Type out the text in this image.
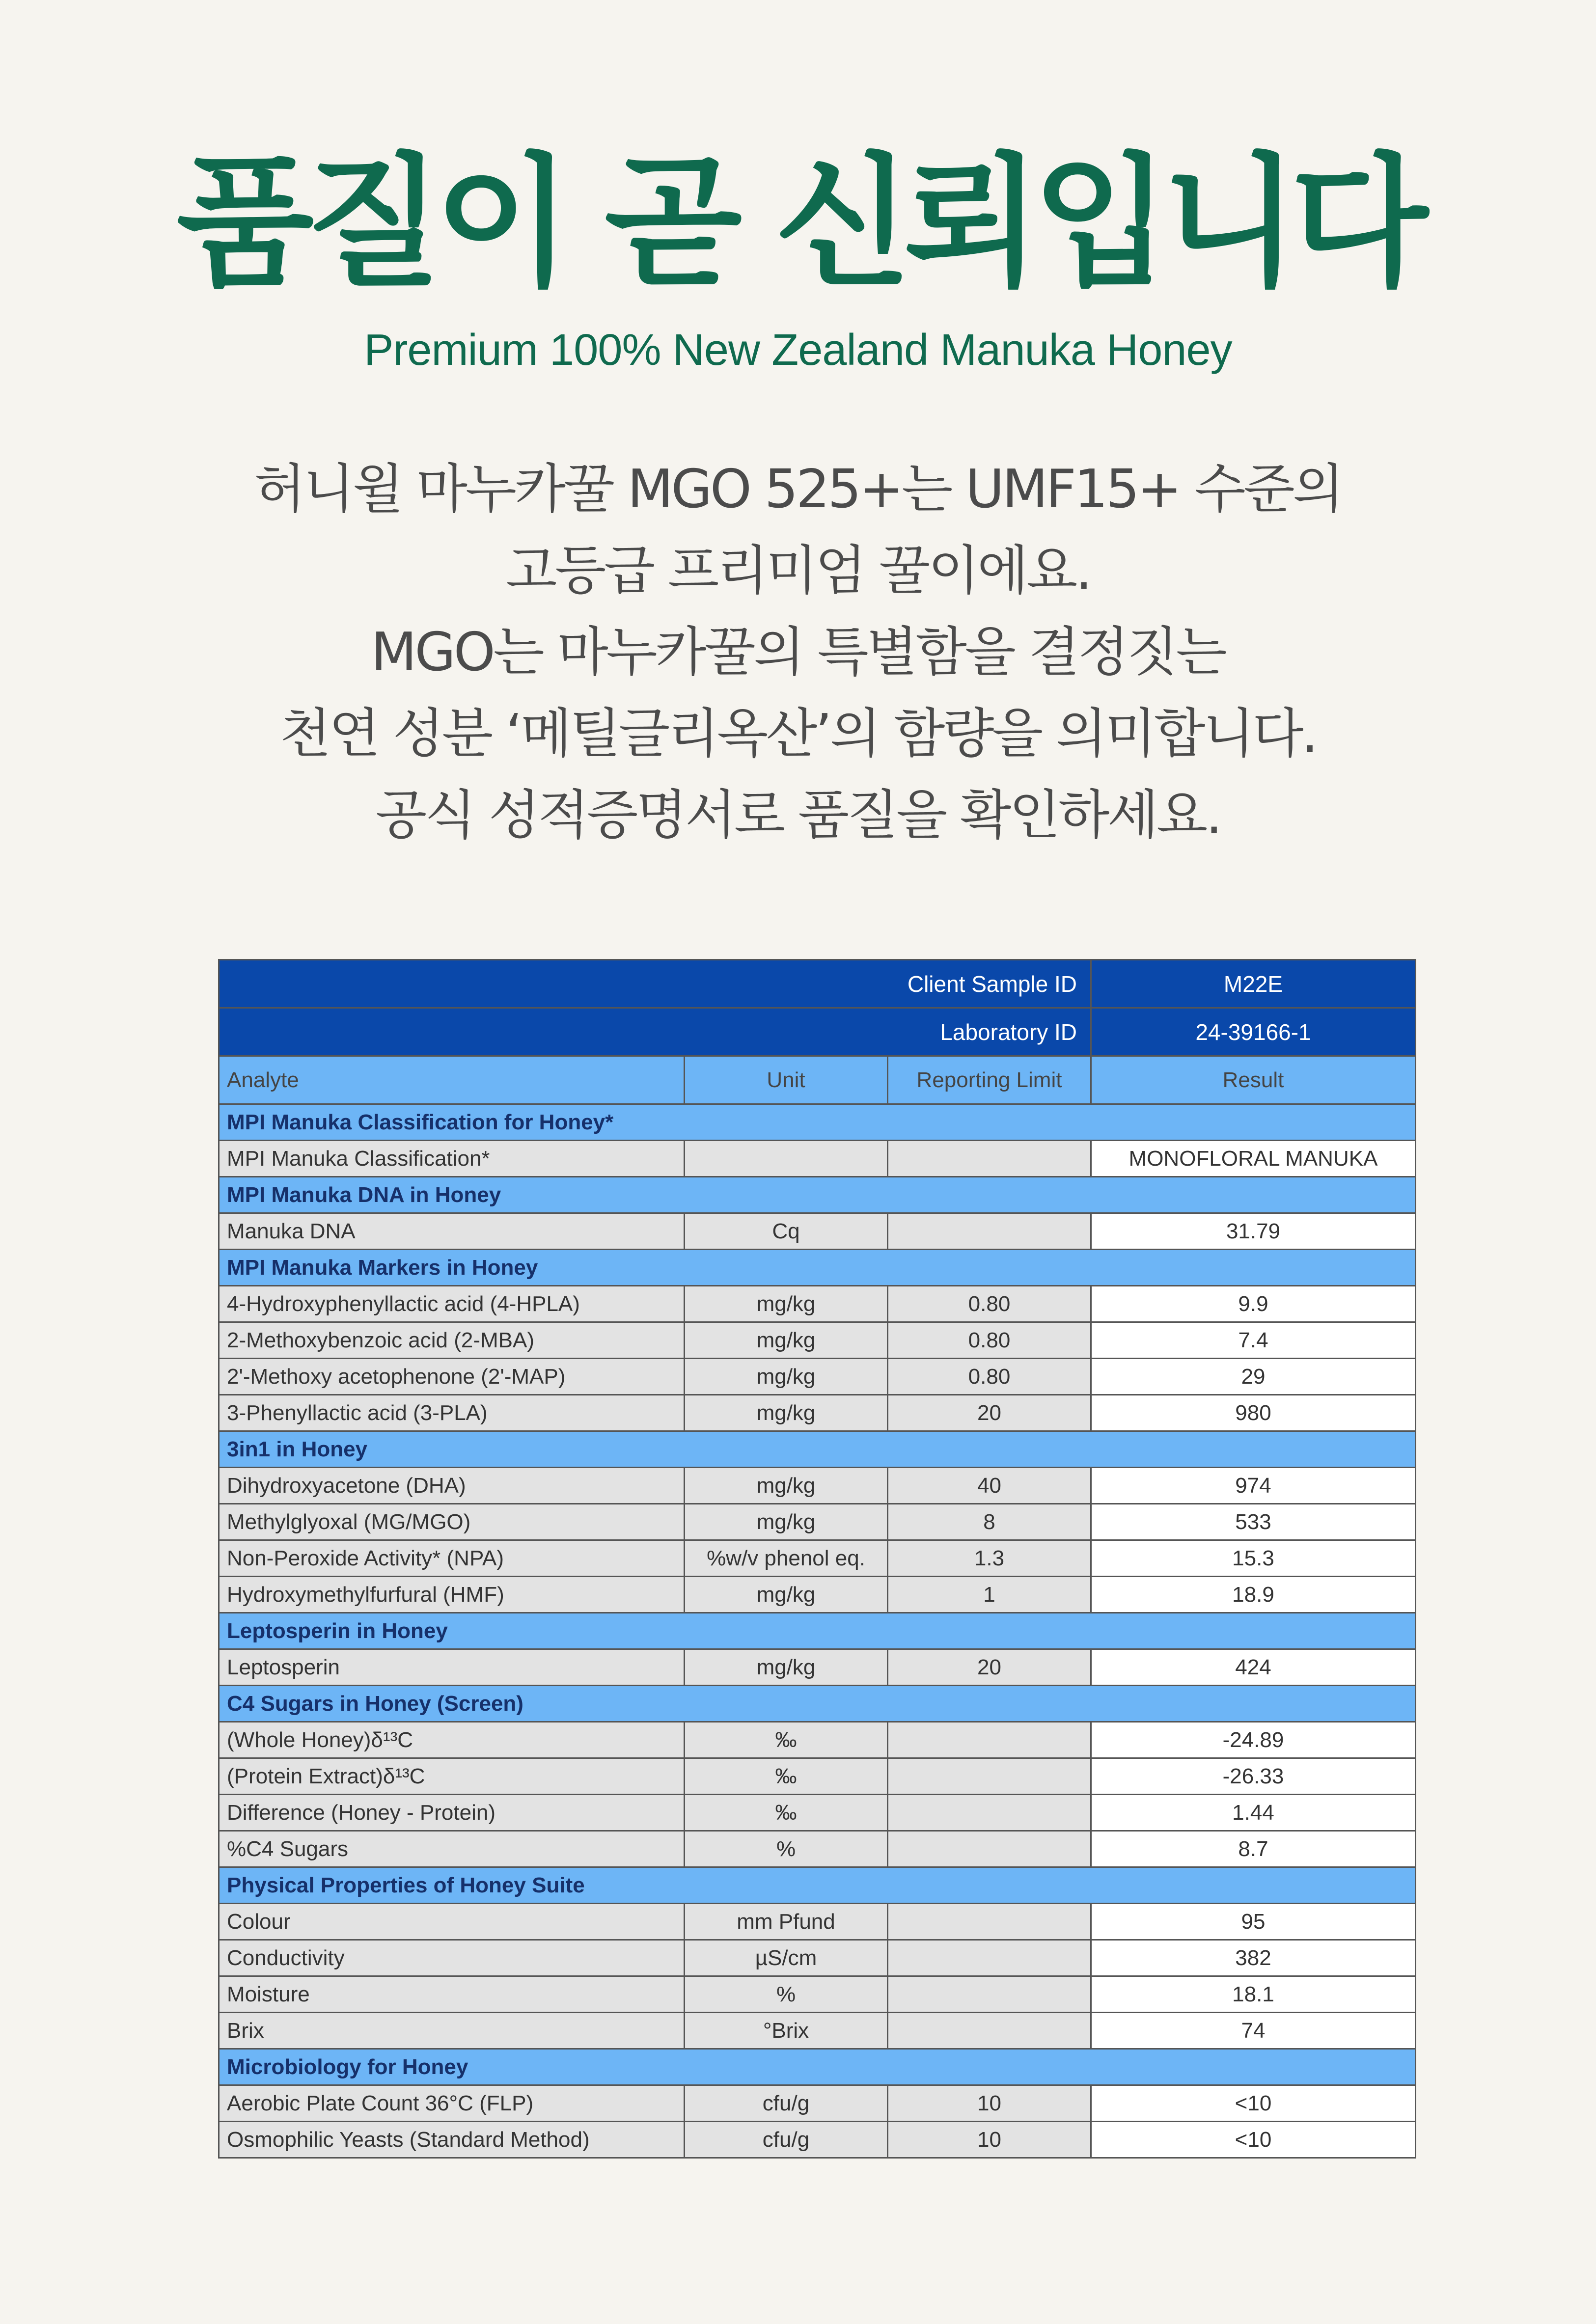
품질이 곧 신뢰입니다
Premium 100% New Zealand Manuka Honey
허니윌 마누카꿀 MGO 525+는 UMF15+ 수준의
고등급 프리미엄 꿀이에요.
MGO는 마누카꿀의 특별함을 결정짓는
천연 성분 ‘메틸글리옥산’의 함량을 의미합니다.
공식 성적증명서로 품질을 확인하세요.
Client Sample ID			M22E
Laboratory ID			24-39166-1
Analyte	Unit	Reporting Limit	Result
MPI Manuka Classification for Honey*			
MPI Manuka Classification*			MONOFLORAL MANUKA
MPI Manuka DNA in Honey			
Manuka DNA	Cq		31.79
MPI Manuka Markers in Honey			
4-Hydroxyphenyllactic acid (4-HPLA)	mg/kg	0.80	9.9
2-Methoxybenzoic acid (2-MBA)	mg/kg	0.80	7.4
2'-Methoxy acetophenone (2'-MAP)	mg/kg	0.80	29
3-Phenyllactic acid (3-PLA)	mg/kg	20	980
3in1 in Honey			
Dihydroxyacetone (DHA)	mg/kg	40	974
Methylglyoxal (MG/MGO)	mg/kg	8	533
Non-Peroxide Activity* (NPA)	%w/v phenol eq.	1.3	15.3
Hydroxymethylfurfural (HMF)	mg/kg	1	18.9
Leptosperin in Honey			
Leptosperin	mg/kg	20	424
C4 Sugars in Honey (Screen)			
(Whole Honey)δ¹³C	‰		-24.89
(Protein Extract)δ¹³C	‰		-26.33
Difference (Honey - Protein)	‰		1.44
%C4 Sugars	%		8.7
Physical Properties of Honey Suite			
Colour	mm Pfund		95
Conductivity	µS/cm		382
Moisture	%		18.1
Brix	°Brix		74
Microbiology for Honey			
Aerobic Plate Count 36°C (FLP)	cfu/g	10	<10
Osmophilic Yeasts (Standard Method)	cfu/g	10	<10
